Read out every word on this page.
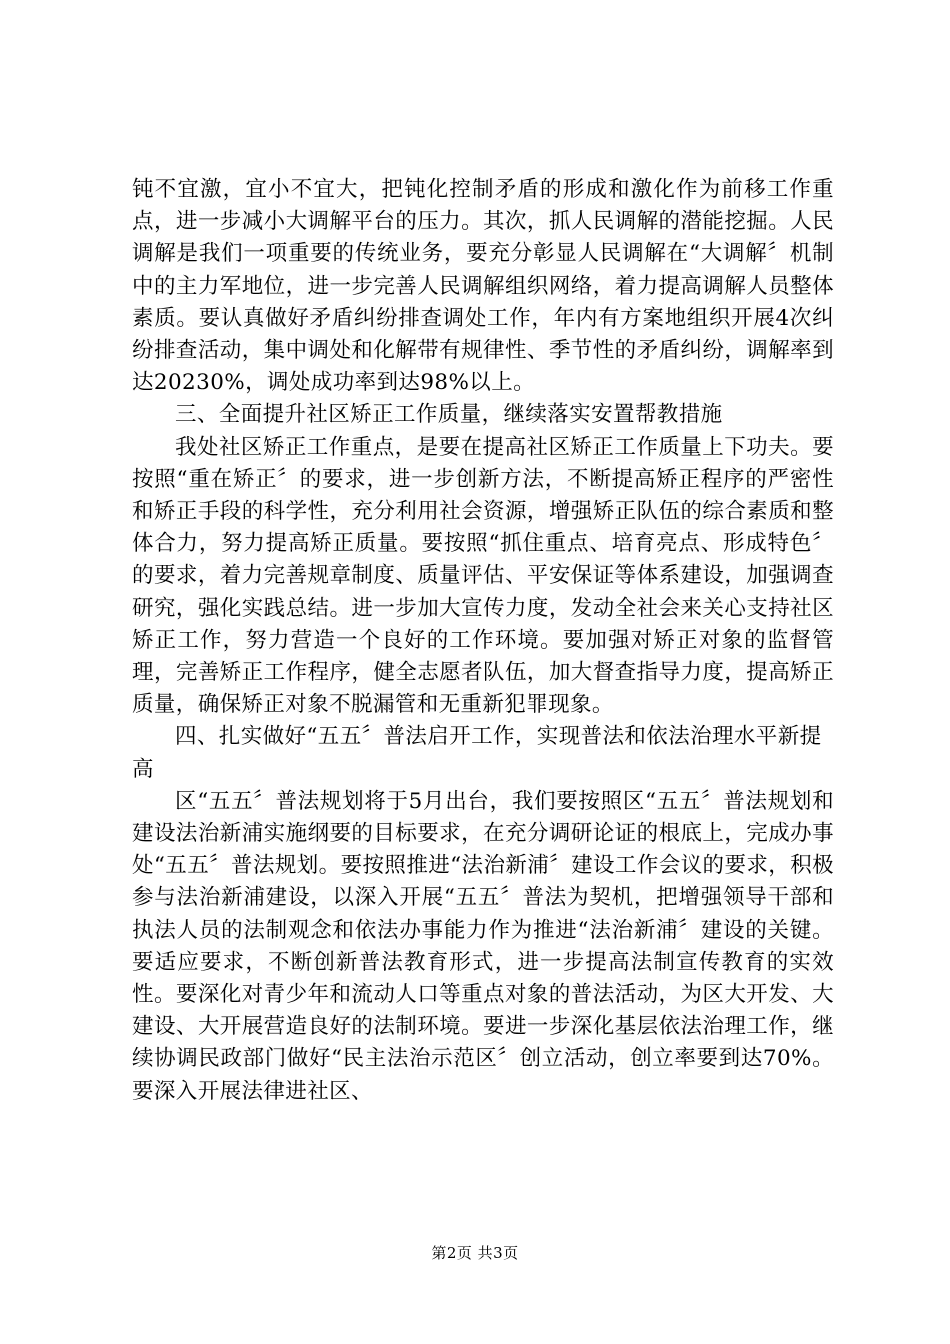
钝不宜激，宜小不宜大，把钝化控制矛盾的形成和激化作为前移工作重点，进一步减小大调解平台的压力。其次，抓人民调解的潜能挖掘。人民调解是我们一项重要的传统业务，要充分彰显人民调解在“大调解〞机制中的主力军地位，进一步完善人民调解组织网络，着力提高调解人员整体素质。要认真做好矛盾纠纷排查调处工作，年内有方案地组织开展4次纠纷排查活动，集中调处和化解带有规律性、季节性的矛盾纠纷，调解率到达20230%，调处成功率到达98%以上。

三、全面提升社区矫正工作质量，继续落实安置帮教措施

我处社区矫正工作重点，是要在提高社区矫正工作质量上下功夫。要按照“重在矫正〞的要求，进一步创新方法，不断提高矫正程序的严密性和矫正手段的科学性，充分利用社会资源，增强矫正队伍的综合素质和整体合力，努力提高矫正质量。要按照“抓住重点、培育亮点、形成特色〞的要求，着力完善规章制度、质量评估、平安保证等体系建设，加强调查研究，强化实践总结。进一步加大宣传力度，发动全社会来关心支持社区矫正工作，努力营造一个良好的工作环境。要加强对矫正对象的监督管理，完善矫正工作程序，健全志愿者队伍，加大督查指导力度，提高矫正质量，确保矫正对象不脱漏管和无重新犯罪现象。

四、扎实做好“五五〞普法启开工作，实现普法和依法治理水平新提高

区“五五〞普法规划将于5月出台，我们要按照区“五五〞普法规划和建设法治新浦实施纲要的目标要求，在充分调研论证的根底上，完成办事处“五五〞普法规划。要按照推进“法治新浦〞建设工作会议的要求，积极参与法治新浦建设，以深入开展“五五〞普法为契机，把增强领导干部和执法人员的法制观念和依法办事能力作为推进“法治新浦〞建设的关键。要适应要求，不断创新普法教育形式，进一步提高法制宣传教育的实效性。要深化对青少年和流动人口等重点对象的普法活动，为区大开发、大建设、大开展营造良好的法制环境。要进一步深化基层依法治理工作，继续协调民政部门做好“民主法治示范区〞创立活动，创立率要到达70%。要深入开展法律进社区、

第2页 共3页
